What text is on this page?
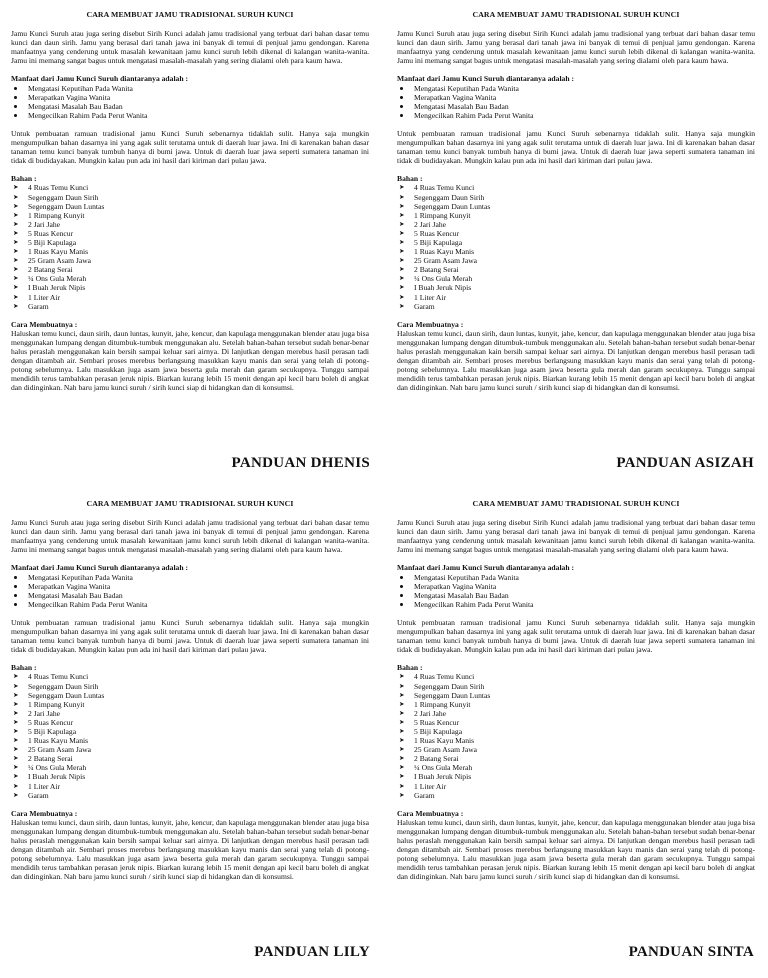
CARA MEMBUAT JAMU TRADISIONAL SURUH KUNCI

Jamu Kunci Suruh atau juga sering disebut Sirih Kunci adalah jamu tradisional yang terbuat dari bahan dasar temu kunci dan daun sirih. Jamu yang berasal dari tanah jawa ini banyak di temui di penjual jamu gendongan. Karena manfaatnya yang cenderung untuk masalah kewanitaan jamu kunci suruh lebih dikenal di kalangan wanita-wanita. Jamu ini memang sangat bagus untuk mengatasi masalah-masalah yang sering dialami oleh para kaum hawa.

Manfaat dari Jamu Kunci Suruh diantaranya adalah :

Mengatasi Keputihan Pada Wanita
Merapatkan Vagina Wanita
Mengatasi Masalah Bau Badan
Mengecilkan Rahim Pada Perut Wanita

Untuk pembuatan ramuan tradisional jamu Kunci Suruh sebenarnya tidaklah sulit. Hanya saja mungkin mengumpulkan bahan dasarnya ini yang agak sulit terutama untuk di daerah luar jawa. Ini di karenakan bahan dasar tanaman temu kunci banyak tumbuh hanya di bumi jawa. Untuk di daerah luar jawa seperti sumatera tanaman ini tidak di budidayakan. Mungkin kalau pun ada ini hasil dari kiriman dari pulau jawa.

Bahan :

➤ 4 Ruas Temu Kunci
➤ Segenggam Daun Sirih
➤ Segenggam Daun Luntas
➤ 1 Rimpang Kunyit
➤ 2 Jari Jahe
➤ 5 Ruas Kencur
➤ 5 Biji Kapulaga
➤ 1 Ruas Kayu Manis
➤ 25 Gram Asam Jawa
➤ 2 Batang Serai
➤ ¼ Ons Gula Merah
➤ I Buah Jeruk Nipis
➤ 1 Liter Air
➤ Garam

Cara Membuatnya :

Haluskan temu kunci, daun sirih, daun luntas, kunyit, jahe, kencur, dan kapulaga menggunakan blender atau juga bisa menggunakan lumpang dengan ditumbuk-tumbuk menggunakan alu. Setelah bahan-bahan tersebut sudah benar-benar halus peraslah menggunakan kain bersih sampai keluar sari airnya. Di lanjutkan dengan merebus hasil perasan tadi dengan ditambah air. Sembari proses merebus berlangsung masukkan kayu manis dan serai yang telah di potong-potong sebelumnya. Lalu masukkan juga asam jawa beserta gula merah dan garam secukupnya. Tunggu sampai mendidih terus tambahkan perasan jeruk nipis. Biarkan kurang lebih 15 menit dengan api kecil baru boleh di angkat dan didinginkan. Nah baru jamu kunci suruh / sirih kunci siap di hidangkan dan di konsumsi.

PANDUAN DHENIS
CARA MEMBUAT JAMU TRADISIONAL SURUH KUNCI

Jamu Kunci Suruh atau juga sering disebut Sirih Kunci adalah jamu tradisional yang terbuat dari bahan dasar temu kunci dan daun sirih. Jamu yang berasal dari tanah jawa ini banyak di temui di penjual jamu gendongan. Karena manfaatnya yang cenderung untuk masalah kewanitaan jamu kunci suruh lebih dikenal di kalangan wanita-wanita. Jamu ini memang sangat bagus untuk mengatasi masalah-masalah yang sering dialami oleh para kaum hawa.

Manfaat dari Jamu Kunci Suruh diantaranya adalah :

Mengatasi Keputihan Pada Wanita
Merapatkan Vagina Wanita
Mengatasi Masalah Bau Badan
Mengecilkan Rahim Pada Perut Wanita

Untuk pembuatan ramuan tradisional jamu Kunci Suruh sebenarnya tidaklah sulit. Hanya saja mungkin mengumpulkan bahan dasarnya ini yang agak sulit terutama untuk di daerah luar jawa. Ini di karenakan bahan dasar tanaman temu kunci banyak tumbuh hanya di bumi jawa. Untuk di daerah luar jawa seperti sumatera tanaman ini tidak di budidayakan. Mungkin kalau pun ada ini hasil dari kiriman dari pulau jawa.

Bahan :

➤ 4 Ruas Temu Kunci
➤ Segenggam Daun Sirih
➤ Segenggam Daun Luntas
➤ 1 Rimpang Kunyit
➤ 2 Jari Jahe
➤ 5 Ruas Kencur
➤ 5 Biji Kapulaga
➤ 1 Ruas Kayu Manis
➤ 25 Gram Asam Jawa
➤ 2 Batang Serai
➤ ¼ Ons Gula Merah
➤ I Buah Jeruk Nipis
➤ 1 Liter Air
➤ Garam

Cara Membuatnya :

Haluskan temu kunci, daun sirih, daun luntas, kunyit, jahe, kencur, dan kapulaga menggunakan blender atau juga bisa menggunakan lumpang dengan ditumbuk-tumbuk menggunakan alu. Setelah bahan-bahan tersebut sudah benar-benar halus peraslah menggunakan kain bersih sampai keluar sari airnya. Di lanjutkan dengan merebus hasil perasan tadi dengan ditambah air. Sembari proses merebus berlangsung masukkan kayu manis dan serai yang telah di potong-potong sebelumnya. Lalu masukkan juga asam jawa beserta gula merah dan garam secukupnya. Tunggu sampai mendidih terus tambahkan perasan jeruk nipis. Biarkan kurang lebih 15 menit dengan api kecil baru boleh di angkat dan didinginkan. Nah baru jamu kunci suruh / sirih kunci siap di hidangkan dan di konsumsi.

PANDUAN ASIZAH
CARA MEMBUAT JAMU TRADISIONAL SURUH KUNCI

Jamu Kunci Suruh atau juga sering disebut Sirih Kunci adalah jamu tradisional yang terbuat dari bahan dasar temu kunci dan daun sirih. Jamu yang berasal dari tanah jawa ini banyak di temui di penjual jamu gendongan. Karena manfaatnya yang cenderung untuk masalah kewanitaan jamu kunci suruh lebih dikenal di kalangan wanita-wanita. Jamu ini memang sangat bagus untuk mengatasi masalah-masalah yang sering dialami oleh para kaum hawa.

Manfaat dari Jamu Kunci Suruh diantaranya adalah :

Mengatasi Keputihan Pada Wanita
Merapatkan Vagina Wanita
Mengatasi Masalah Bau Badan
Mengecilkan Rahim Pada Perut Wanita

Untuk pembuatan ramuan tradisional jamu Kunci Suruh sebenarnya tidaklah sulit. Hanya saja mungkin mengumpulkan bahan dasarnya ini yang agak sulit terutama untuk di daerah luar jawa. Ini di karenakan bahan dasar tanaman temu kunci banyak tumbuh hanya di bumi jawa. Untuk di daerah luar jawa seperti sumatera tanaman ini tidak di budidayakan. Mungkin kalau pun ada ini hasil dari kiriman dari pulau jawa.

Bahan :

➤ 4 Ruas Temu Kunci
➤ Segenggam Daun Sirih
➤ Segenggam Daun Luntas
➤ 1 Rimpang Kunyit
➤ 2 Jari Jahe
➤ 5 Ruas Kencur
➤ 5 Biji Kapulaga
➤ 1 Ruas Kayu Manis
➤ 25 Gram Asam Jawa
➤ 2 Batang Serai
➤ ¼ Ons Gula Merah
➤ I Buah Jeruk Nipis
➤ 1 Liter Air
➤ Garam

Cara Membuatnya :

Haluskan temu kunci, daun sirih, daun luntas, kunyit, jahe, kencur, dan kapulaga menggunakan blender atau juga bisa menggunakan lumpang dengan ditumbuk-tumbuk menggunakan alu. Setelah bahan-bahan tersebut sudah benar-benar halus peraslah menggunakan kain bersih sampai keluar sari airnya. Di lanjutkan dengan merebus hasil perasan tadi dengan ditambah air. Sembari proses merebus berlangsung masukkan kayu manis dan serai yang telah di potong-potong sebelumnya. Lalu masukkan juga asam jawa beserta gula merah dan garam secukupnya. Tunggu sampai mendidih terus tambahkan perasan jeruk nipis. Biarkan kurang lebih 15 menit dengan api kecil baru boleh di angkat dan didinginkan. Nah baru jamu kunci suruh / sirih kunci siap di hidangkan dan di konsumsi.

PANDUAN LILY
CARA MEMBUAT JAMU TRADISIONAL SURUH KUNCI

Jamu Kunci Suruh atau juga sering disebut Sirih Kunci adalah jamu tradisional yang terbuat dari bahan dasar temu kunci dan daun sirih. Jamu yang berasal dari tanah jawa ini banyak di temui di penjual jamu gendongan. Karena manfaatnya yang cenderung untuk masalah kewanitaan jamu kunci suruh lebih dikenal di kalangan wanita-wanita. Jamu ini memang sangat bagus untuk mengatasi masalah-masalah yang sering dialami oleh para kaum hawa.

Manfaat dari Jamu Kunci Suruh diantaranya adalah :

Mengatasi Keputihan Pada Wanita
Merapatkan Vagina Wanita
Mengatasi Masalah Bau Badan
Mengecilkan Rahim Pada Perut Wanita

Untuk pembuatan ramuan tradisional jamu Kunci Suruh sebenarnya tidaklah sulit. Hanya saja mungkin mengumpulkan bahan dasarnya ini yang agak sulit terutama untuk di daerah luar jawa. Ini di karenakan bahan dasar tanaman temu kunci banyak tumbuh hanya di bumi jawa. Untuk di daerah luar jawa seperti sumatera tanaman ini tidak di budidayakan. Mungkin kalau pun ada ini hasil dari kiriman dari pulau jawa.

Bahan :

➤ 4 Ruas Temu Kunci
➤ Segenggam Daun Sirih
➤ Segenggam Daun Luntas
➤ 1 Rimpang Kunyit
➤ 2 Jari Jahe
➤ 5 Ruas Kencur
➤ 5 Biji Kapulaga
➤ 1 Ruas Kayu Manis
➤ 25 Gram Asam Jawa
➤ 2 Batang Serai
➤ ¼ Ons Gula Merah
➤ I Buah Jeruk Nipis
➤ 1 Liter Air
➤ Garam

Cara Membuatnya :

Haluskan temu kunci, daun sirih, daun luntas, kunyit, jahe, kencur, dan kapulaga menggunakan blender atau juga bisa menggunakan lumpang dengan ditumbuk-tumbuk menggunakan alu. Setelah bahan-bahan tersebut sudah benar-benar halus peraslah menggunakan kain bersih sampai keluar sari airnya. Di lanjutkan dengan merebus hasil perasan tadi dengan ditambah air. Sembari proses merebus berlangsung masukkan kayu manis dan serai yang telah di potong-potong sebelumnya. Lalu masukkan juga asam jawa beserta gula merah dan garam secukupnya. Tunggu sampai mendidih terus tambahkan perasan jeruk nipis. Biarkan kurang lebih 15 menit dengan api kecil baru boleh di angkat dan didinginkan. Nah baru jamu kunci suruh / sirih kunci siap di hidangkan dan di konsumsi.

PANDUAN SINTA
